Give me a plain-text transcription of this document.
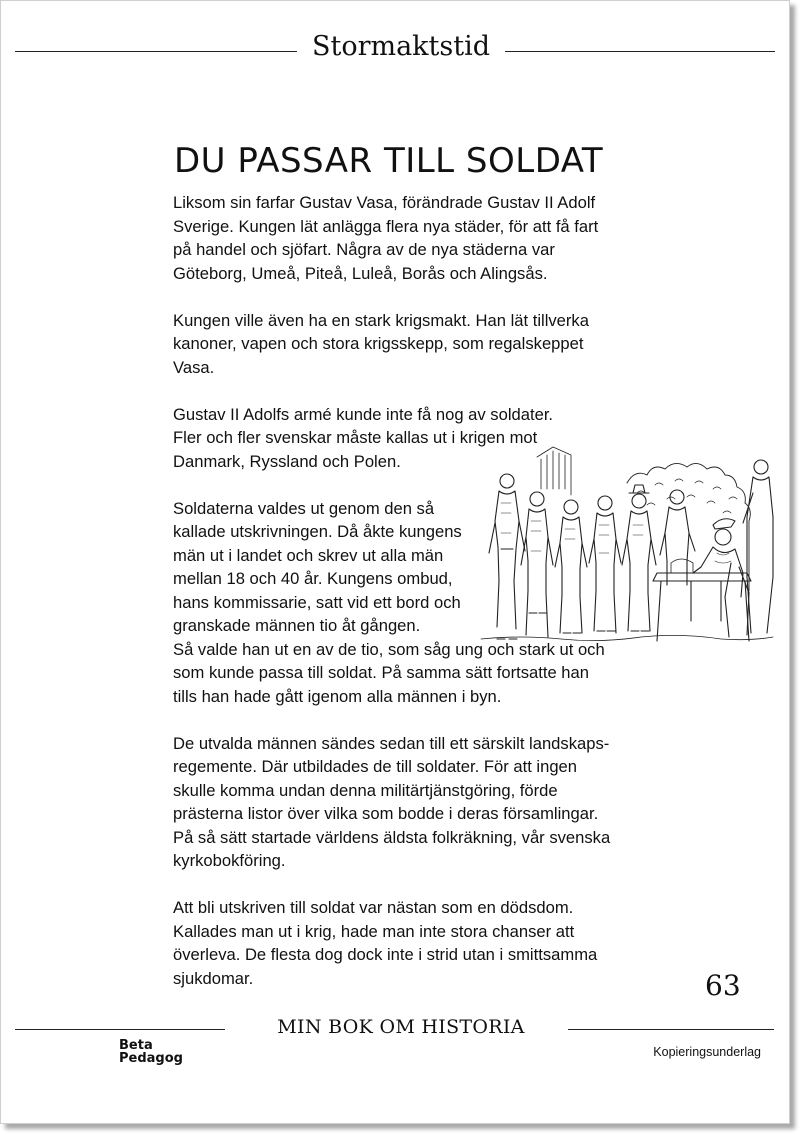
Stormaktstid
DU PASSAR TILL SOLDAT

Liksom sin farfar Gustav Vasa, förändrade Gustav II Adolf
Sverige. Kungen lät anlägga flera nya städer, för att få fart
på handel och sjöfart. Några av de nya städerna var
Göteborg, Umeå, Piteå, Luleå, Borås och Alingsås.

Kungen ville även ha en stark krigsmakt. Han lät tillverka
kanoner, vapen och stora krigsskepp, som regalskeppet
Vasa.

Gustav II Adolfs armé kunde inte få nog av soldater.
Fler och fler svenskar måste kallas ut i krigen mot
Danmark, Ryssland och Polen.

Soldaterna valdes ut genom den så
kallade utskrivningen. Då åkte kungens
män ut i landet och skrev ut alla män
mellan 18 och 40 år. Kungens ombud,
hans kommissarie, satt vid ett bord och
granskade männen tio åt gången.
Så valde han ut en av de tio, som såg ung och stark ut och
som kunde passa till soldat. På samma sätt fortsatte han
tills han hade gått igenom alla männen i byn.

De utvalda männen sändes sedan till ett särskilt landskaps-
regemente. Där utbildades de till soldater. För att ingen
skulle komma undan denna militärtjänstgöring, förde
prästerna listor över vilka som bodde i deras församlingar.
På så sätt startade världens äldsta folkräkning, vår svenska
kyrkobokföring.

Att bli utskriven till soldat var nästan som en dödsdom.
Kallades man ut i krig, hade man inte stora chanser att
överleva. De flesta dog dock inte i strid utan i smittsamma
sjukdomar.	63
MIN BOK OM HISTORIA
Beta
Pedagog	Kopieringsunderlag
